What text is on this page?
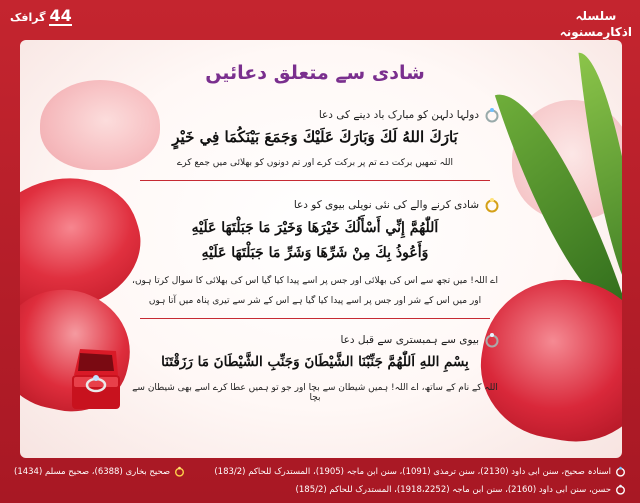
44
گرافک	سلسلہ
اذکارِمسنونہ
شادی سے متعلق دعائیں
دولہا دلہن کو مبارک باد دینے کی دعا
بَارَكَ اللهُ لَكَ وَبَارَكَ عَلَيْكَ وَجَمَعَ بَيْنَكُمَا فِي خَيْرٍ
اللہ تمھیں برکت دے تم پر برکت کرے اور تم دونوں کو بھلائی میں جمع کرے
شادی کرنے والے کی نئی نویلی بیوی کو دعا
اَللّٰهُمَّ إِنِّي أَسْأَلُكَ خَيْرَهَا وَخَيْرَ مَا جَبَلْتَهَا عَلَيْهِ
وَأَعُوذُ بِكَ مِنْ شَرِّهَا وَشَرِّ مَا جَبَلْتَهَا عَلَيْهِ
اے اللہ! میں تجھ سے اس کی بھلائی اور جس پر اسے پیدا کیا گیا اس کی بھلائی کا سوال کرتا ہوں،
اور میں اس کے شر اور جس پر اسے پیدا کیا گیا ہے اس کے شر سے تیری پناہ میں آتا ہوں
بیوی سے ہمبستری سے قبل دعا
بِسْمِ اللهِ اَللّٰهُمَّ جَنِّبْنَا الشَّيْطَانَ وَجَنِّبِ الشَّيْطَانَ مَا رَزَقْتَنَا
اللہ کے نام کے ساتھ، اے اللہ! ہمیں شیطان سے بچا اور جو تو ہمیں عطا کرے اسے بھی شیطان سے بچا
اسنادہ صحیح، سنن ابی داود (2130)، سنن ترمذی (1091)، سنن ابن ماجہ (1905)، المستدرک للحاکم (183/2)
صحیح بخاری (6388)، صحیح مسلم (1434)
حسن، سنن ابی داود (2160)، سنن ابن ماجہ (1918،2252)، المستدرک للحاکم (185/2)
